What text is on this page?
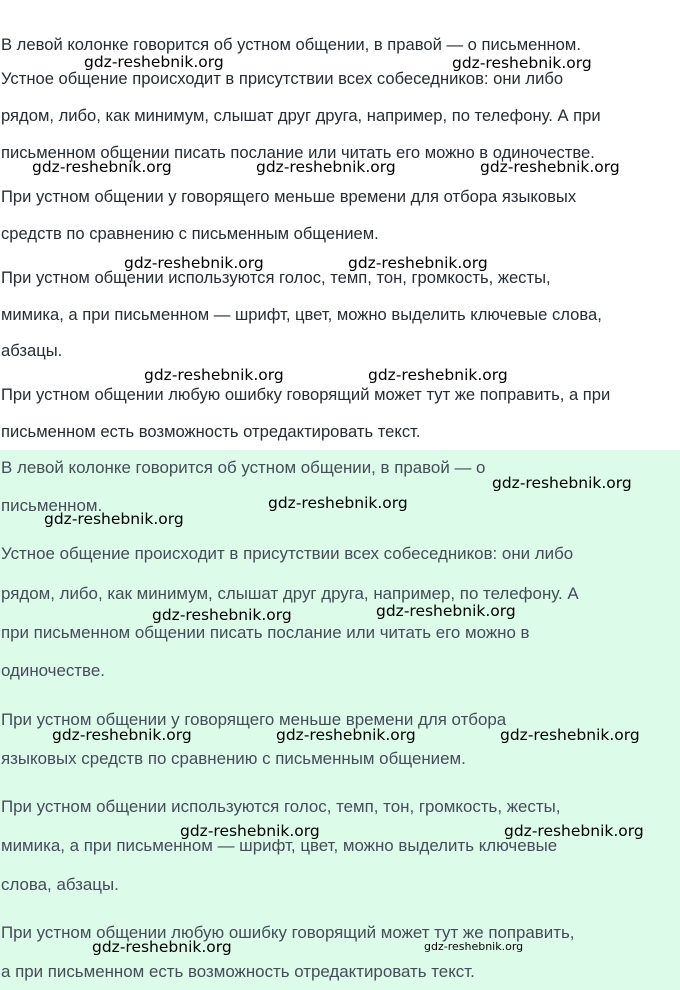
В левой колонке говорится об устном общении, в правой — о письменном.
Устное общение происходит в присутствии всех собеседников: они либо
рядом, либо, как минимум, слышат друг друга, например, по телефону. А при
письменном общении писать послание или читать его можно в одиночестве.
При устном общении у говорящего меньше времени для отбора языковых
средств по сравнению с письменным общением.
При устном общении используются голос, темп, тон, громкость, жесты,
мимика, а при письменном — шрифт, цвет, можно выделить ключевые слова,
абзацы.
При устном общении любую ошибку говорящий может тут же поправить, а при
письменном есть возможность отредактировать текст.
В левой колонке говорится об устном общении, в правой — о
письменном.
Устное общение происходит в присутствии всех собеседников: они либо
рядом, либо, как минимум, слышат друг друга, например, по телефону. А
при письменном общении писать послание или читать его можно в
одиночестве.
При устном общении у говорящего меньше времени для отбора
языковых средств по сравнению с письменным общением.
При устном общении используются голос, темп, тон, громкость, жесты,
мимика, а при письменном — шрифт, цвет, можно выделить ключевые
слова, абзацы.
При устном общении любую ошибку говорящий может тут же поправить,
а при письменном есть возможность отредактировать текст.
gdz-reshebnik.org	gdz-reshebnik.org
gdz-reshebnik.org	gdz-reshebnik.org	gdz-reshebnik.org
gdz-reshebnik.org	gdz-reshebnik.org
gdz-reshebnik.org	gdz-reshebnik.org
gdz-reshebnik.org
gdz-reshebnik.org
gdz-reshebnik.org
gdz-reshebnik.org	gdz-reshebnik.org
gdz-reshebnik.org	gdz-reshebnik.org	gdz-reshebnik.org
gdz-reshebnik.org	gdz-reshebnik.org
gdz-reshebnik.org	gdz-reshebnik.org
